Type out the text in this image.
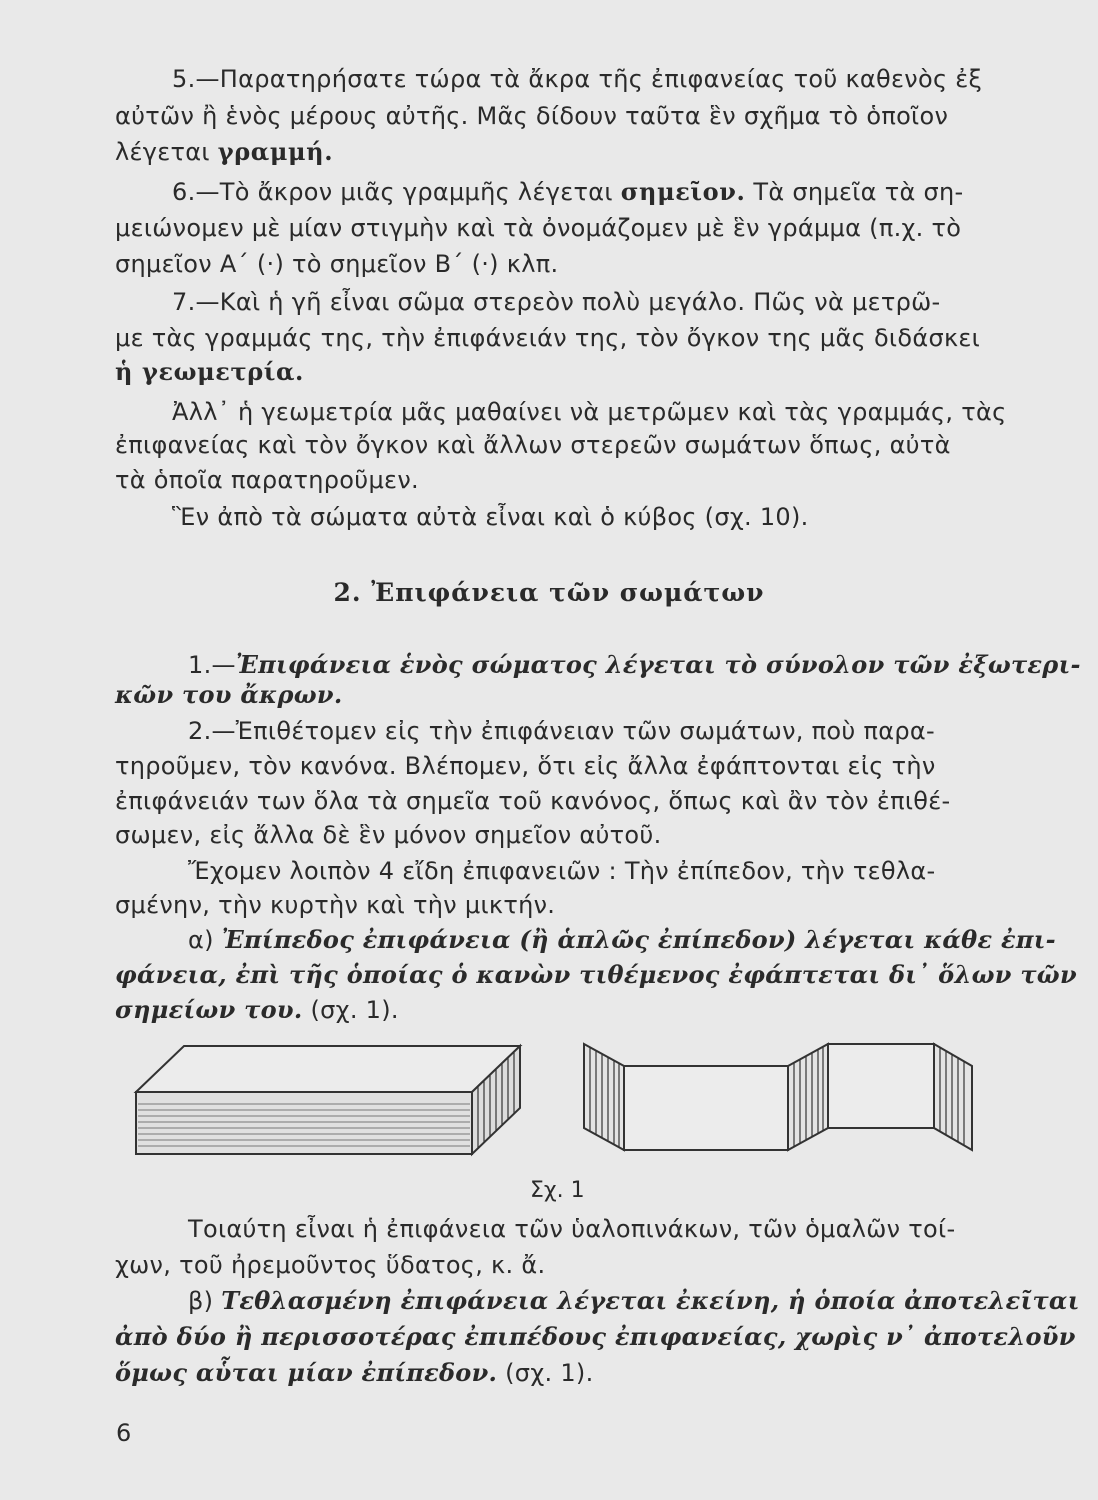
5.—Παρατηρήσατε τώρα τὰ ἄκρα τῆς ἐπιφανείας τοῦ καθενὸς ἐξ
αὐτῶν ἢ ἑνὸς μέρους αὐτῆς. Μᾶς δίδουν ταῦτα ἓν σχῆμα τὸ ὁποῖον
λέγεται γραμμή.
6.—Τὸ ἄκρον μιᾶς γραμμῆς λέγεται σημεῖον. Τὰ σημεῖα τὰ ση-
μειώνομεν μὲ μίαν στιγμὴν καὶ τὰ ὀνομάζομεν μὲ ἓν γράμμα (π.χ. τὸ
σημεῖον Α΄ (·) τὸ σημεῖον Β΄ (·) κλπ.
7.—Καὶ ἡ γῆ εἶναι σῶμα στερεὸν πολὺ μεγάλο. Πῶς νὰ μετρῶ-
με τὰς γραμμάς της, τὴν ἐπιφάνειάν της, τὸν ὄγκον της μᾶς διδάσκει
ἡ γεωμετρία.
Ἀλλ᾽ ἡ γεωμετρία μᾶς μαθαίνει νὰ μετρῶμεν καὶ τὰς γραμμάς, τὰς
ἐπιφανείας καὶ τὸν ὄγκον καὶ ἄλλων στερεῶν σωμάτων ὅπως, αὐτὰ
τὰ ὁποῖα παρατηροῦμεν.
Ἓν ἀπὸ τὰ σώματα αὐτὰ εἶναι καὶ ὁ κύβος (σχ. 10).
2. Ἐπιφάνεια τῶν σωμάτων
1.—Ἐπιφάνεια ἑνὸς σώματος λέγεται τὸ σύνολον τῶν ἐξωτερι-
κῶν του ἄκρων.
2.—Ἐπιθέτομεν εἰς τὴν ἐπιφάνειαν τῶν σωμάτων, ποὺ παρα-
τηροῦμεν, τὸν κανόνα. Βλέπομεν, ὅτι εἰς ἄλλα ἐφάπτονται εἰς τὴν
ἐπιφάνειάν των ὅλα τὰ σημεῖα τοῦ κανόνος, ὅπως καὶ ἂν τὸν ἐπιθέ-
σωμεν, εἰς ἄλλα δὲ ἓν μόνον σημεῖον αὐτοῦ.
Ἔχομεν λοιπὸν 4 εἴδη ἐπιφανειῶν : Τὴν ἐπίπεδον, τὴν τεθλα-
σμένην, τὴν κυρτὴν καὶ τὴν μικτήν.
α) Ἐπίπεδος ἐπιφάνεια (ἢ ἁπλῶς ἐπίπεδον) λέγεται κάθε ἐπι-
φάνεια, ἐπὶ τῆς ὁποίας ὁ κανὼν τιθέμενος ἐφάπτεται δι᾽ ὅλων τῶν
σημείων του. (σχ. 1).
Σχ. 1
Τοιαύτη εἶναι ἡ ἐπιφάνεια τῶν ὑαλοπινάκων, τῶν ὁμαλῶν τοί-
χων, τοῦ ἠρεμοῦντος ὕδατος, κ. ἄ.
β) Τεθλασμένη ἐπιφάνεια λέγεται ἐκείνη, ἡ ὁποία ἀποτελεῖται
ἀπὸ δύο ἢ περισσοτέρας ἐπιπέδους ἐπιφανείας, χωρὶς ν᾽ ἀποτελοῦν
ὅμως αὗται μίαν ἐπίπεδον. (σχ. 1).
6
